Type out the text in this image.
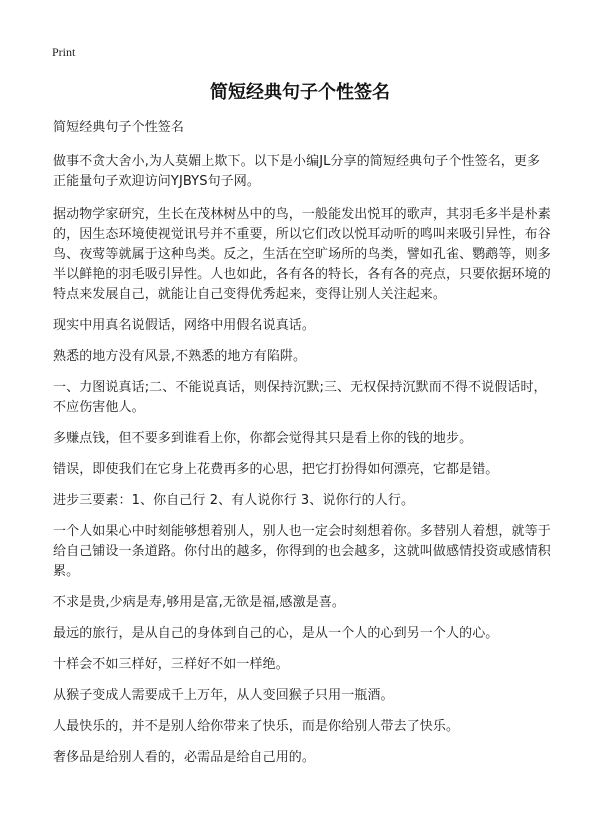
Print
简短经典句子个性签名

简短经典句子个性签名

做事不贪大舍小,为人莫媚上欺下。以下是小编JL分享的简短经典句子个性签名，更多正能量句子欢迎访问YJBYS句子网。

据动物学家研究，生长在茂林树丛中的鸟，一般能发出悦耳的歌声，其羽毛多半是朴素的，因生态环境使视觉讯号并不重要，所以它们改以悦耳动听的鸣叫来吸引异性，布谷鸟、夜莺等就属于这种鸟类。反之，生活在空旷场所的鸟类，譬如孔雀、鹦鹉等，则多半以鲜艳的羽毛吸引异性。人也如此，各有各的特长，各有各的亮点，只要依据环境的特点来发展自己，就能让自己变得优秀起来，变得让别人关注起来。

现实中用真名说假话，网络中用假名说真话。

熟悉的地方没有风景,不熟悉的地方有陷阱。

一、力图说真话;二、不能说真话，则保持沉默;三、无权保持沉默而不得不说假话时，不应伤害他人。

多赚点钱，但不要多到谁看上你，你都会觉得其只是看上你的钱的地步。

错误，即使我们在它身上花费再多的心思，把它打扮得如何漂亮，它都是错。

进步三要素：1、你自己行 2、有人说你行 3、说你行的人行。

一个人如果心中时刻能够想着别人，别人也一定会时刻想着你。多替别人着想，就等于给自己铺设一条道路。你付出的越多，你得到的也会越多，这就叫做感情投资或感情积累。

不求是贵,少病是寿,够用是富,无欲是福,感激是喜。

最远的旅行，是从自己的身体到自己的心，是从一个人的心到另一个人的心。

十样会不如三样好，三样好不如一样绝。

从猴子变成人需要成千上万年，从人变回猴子只用一瓶酒。

人最快乐的，并不是别人给你带来了快乐，而是你给别人带去了快乐。

奢侈品是给别人看的，必需品是给自己用的。
